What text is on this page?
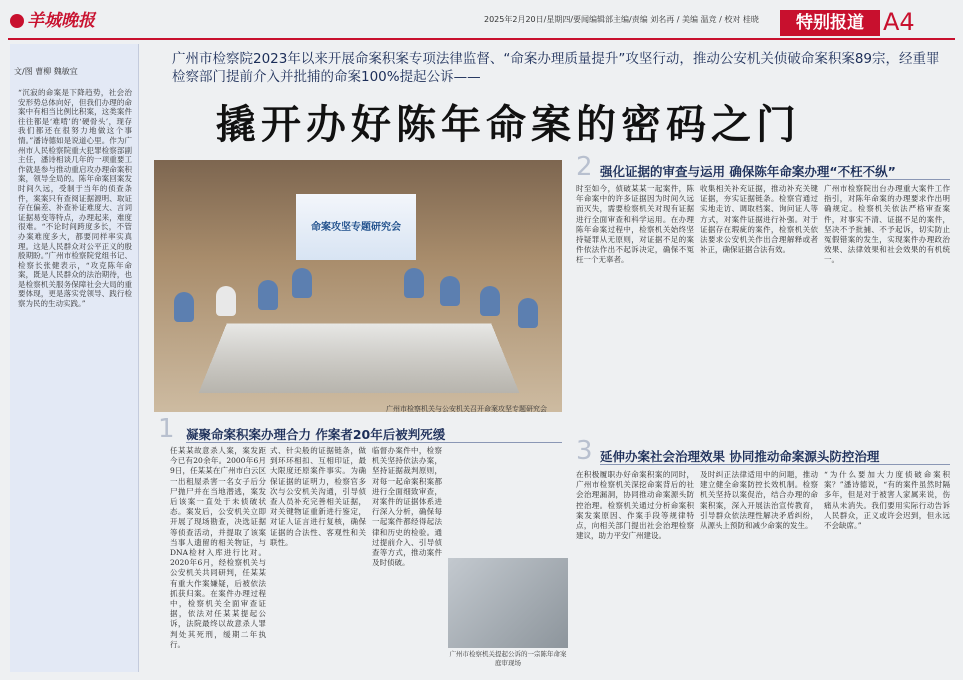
羊城晚报	2025年2月20日/星期四/要闻编辑部主编/责编 刘名再 / 美编 温竞 / 校对 桂晓	特别报道 A4
文/图 曹柳 魏敏宜
“沉寂的命案是下降趋势，社会治安形势总体向好，但我们办理的命案中有相当比例比积案，这类案件往往都是‘难啃’的‘硬骨头’，现存我们都还在很努力地做这个事情。”潘诗德如是说道心里。作为广州市人民检察院重大犯罪检察部副主任，潘诗相谈几年的一项重要工作就是参与推动重启攻办理命案积案，领导全局的。陈年命案回案发时间久远，受制于当年的侦查条件，案案只有查阅证据源明、取证存在偏差、补查补证难度大、言词证据易变等特点，办理起来，难度很难。“不论时间跨度多长，不管办案难度多大，都要同样率实真理。这是人民群众对公平正义的殷殷期盼。”广州市检察院党组书记、检察长张健表示，“攻克陈年命案，既是人民群众的法治期待，也是检察机关服务保障社会大局的重要体现，更是落实党领导、践行检察为民的生动实践。”
广州市检察院2023年以来开展命案积案专项法律监督、“命案办理质量提升”攻坚行动，推动公安机关侦破命案积案89宗，经重罪检察部门提前介入并批捕的命案100%提起公诉——
撬开办好陈年命案的密码之门
命案攻坚专题研究会
广州市检察机关与公安机关召开命案攻坚专题研究会
1 凝聚命案积案办理合力 作案者20年后被判死缓
任某某故意杀人案，案发距今已有20余年。2000年6月9日，任某某在广州市白云区一出租屋杀害一名女子后分尸抛尸并在当地潜逃，案发后该案一直处于未侦破状态。案发后，公安机关立即开展了现场勘查，决选证据等侦查活动，并提取了该案当事人遗留的相关物证，与DNA检材入库进行比对。2020年6月，经检察机关与公安机关共同研判，任某某有重大作案嫌疑，后被依法抓获归案。在案件办理过程中，检察机关全面审查证据，依法对任某某提起公诉，法院最终以故意杀人罪判处其死刑，缓期二年执行。
式、针尖般的证据链条，做到环环相扣、互相印证，最大限度还原案件事实。为确保证据的证明力，检察官多次与公安机关沟通，引导侦查人员补充完善相关证据，对关键物证重新进行鉴定，对证人证言进行复核，确保证据的合法性、客观性和关联性。
临督办案件中，检察机关坚持依法办案，坚持证据裁判原则，对每一起命案积案都进行全面细致审查，对案件的证据体系进行深入分析，确保每一起案件都经得起法律和历史的检验。通过提前介入、引导侦查等方式，推动案件及时侦破。
广州市检察机关提起公诉的一宗陈年命案庭审现场
2 强化证据的审查与运用 确保陈年命案办理“不枉不纵”
时至如今，侦破某某一起案件，陈年命案中的许多证据因为时间久远而灭失，需要检察机关对现有证据进行全面审查和科学运用。在办理陈年命案过程中，检察机关始终坚持疑罪从无原则，对证据不足的案件依法作出不起诉决定，确保不冤枉一个无辜者。
收集相关补充证据，推动补充关键证据，夯实证据链条。检察官通过实地走访、调取档案、询问证人等方式，对案件证据进行补强。对于证据存在瑕疵的案件，检察机关依法要求公安机关作出合理解释或者补正，确保证据合法有效。
广州市检察院出台办理重大案件工作指引，对陈年命案的办理要求作出明确规定。检察机关依法严格审查案件，对事实不清、证据不足的案件，坚决不予批捕、不予起诉，切实防止冤假错案的发生，实现案件办理政治效果、法律效果和社会效果的有机统一。
3 延伸办案社会治理效果 协同推动命案源头防控治理
在积极履职办好命案积案的同时，广州市检察机关深挖命案背后的社会治理漏洞，协同推动命案源头防控治理。检察机关通过分析命案积案发案原因、作案手段等规律特点，向相关部门提出社会治理检察建议，助力平安广州建设。
及时纠正法律适用中的问题，推动建立健全命案防控长效机制。检察机关坚持以案促治，结合办理的命案积案，深入开展法治宣传教育，引导群众依法理性解决矛盾纠纷，从源头上预防和减少命案的发生。
“为什么要加大力度侦破命案积案？”潘诗德说，“有的案件虽然时隔多年，但是对于被害人家属来说，伤痛从未消失。我们要用实际行动告诉人民群众，正义或许会迟到，但永远不会缺席。”
